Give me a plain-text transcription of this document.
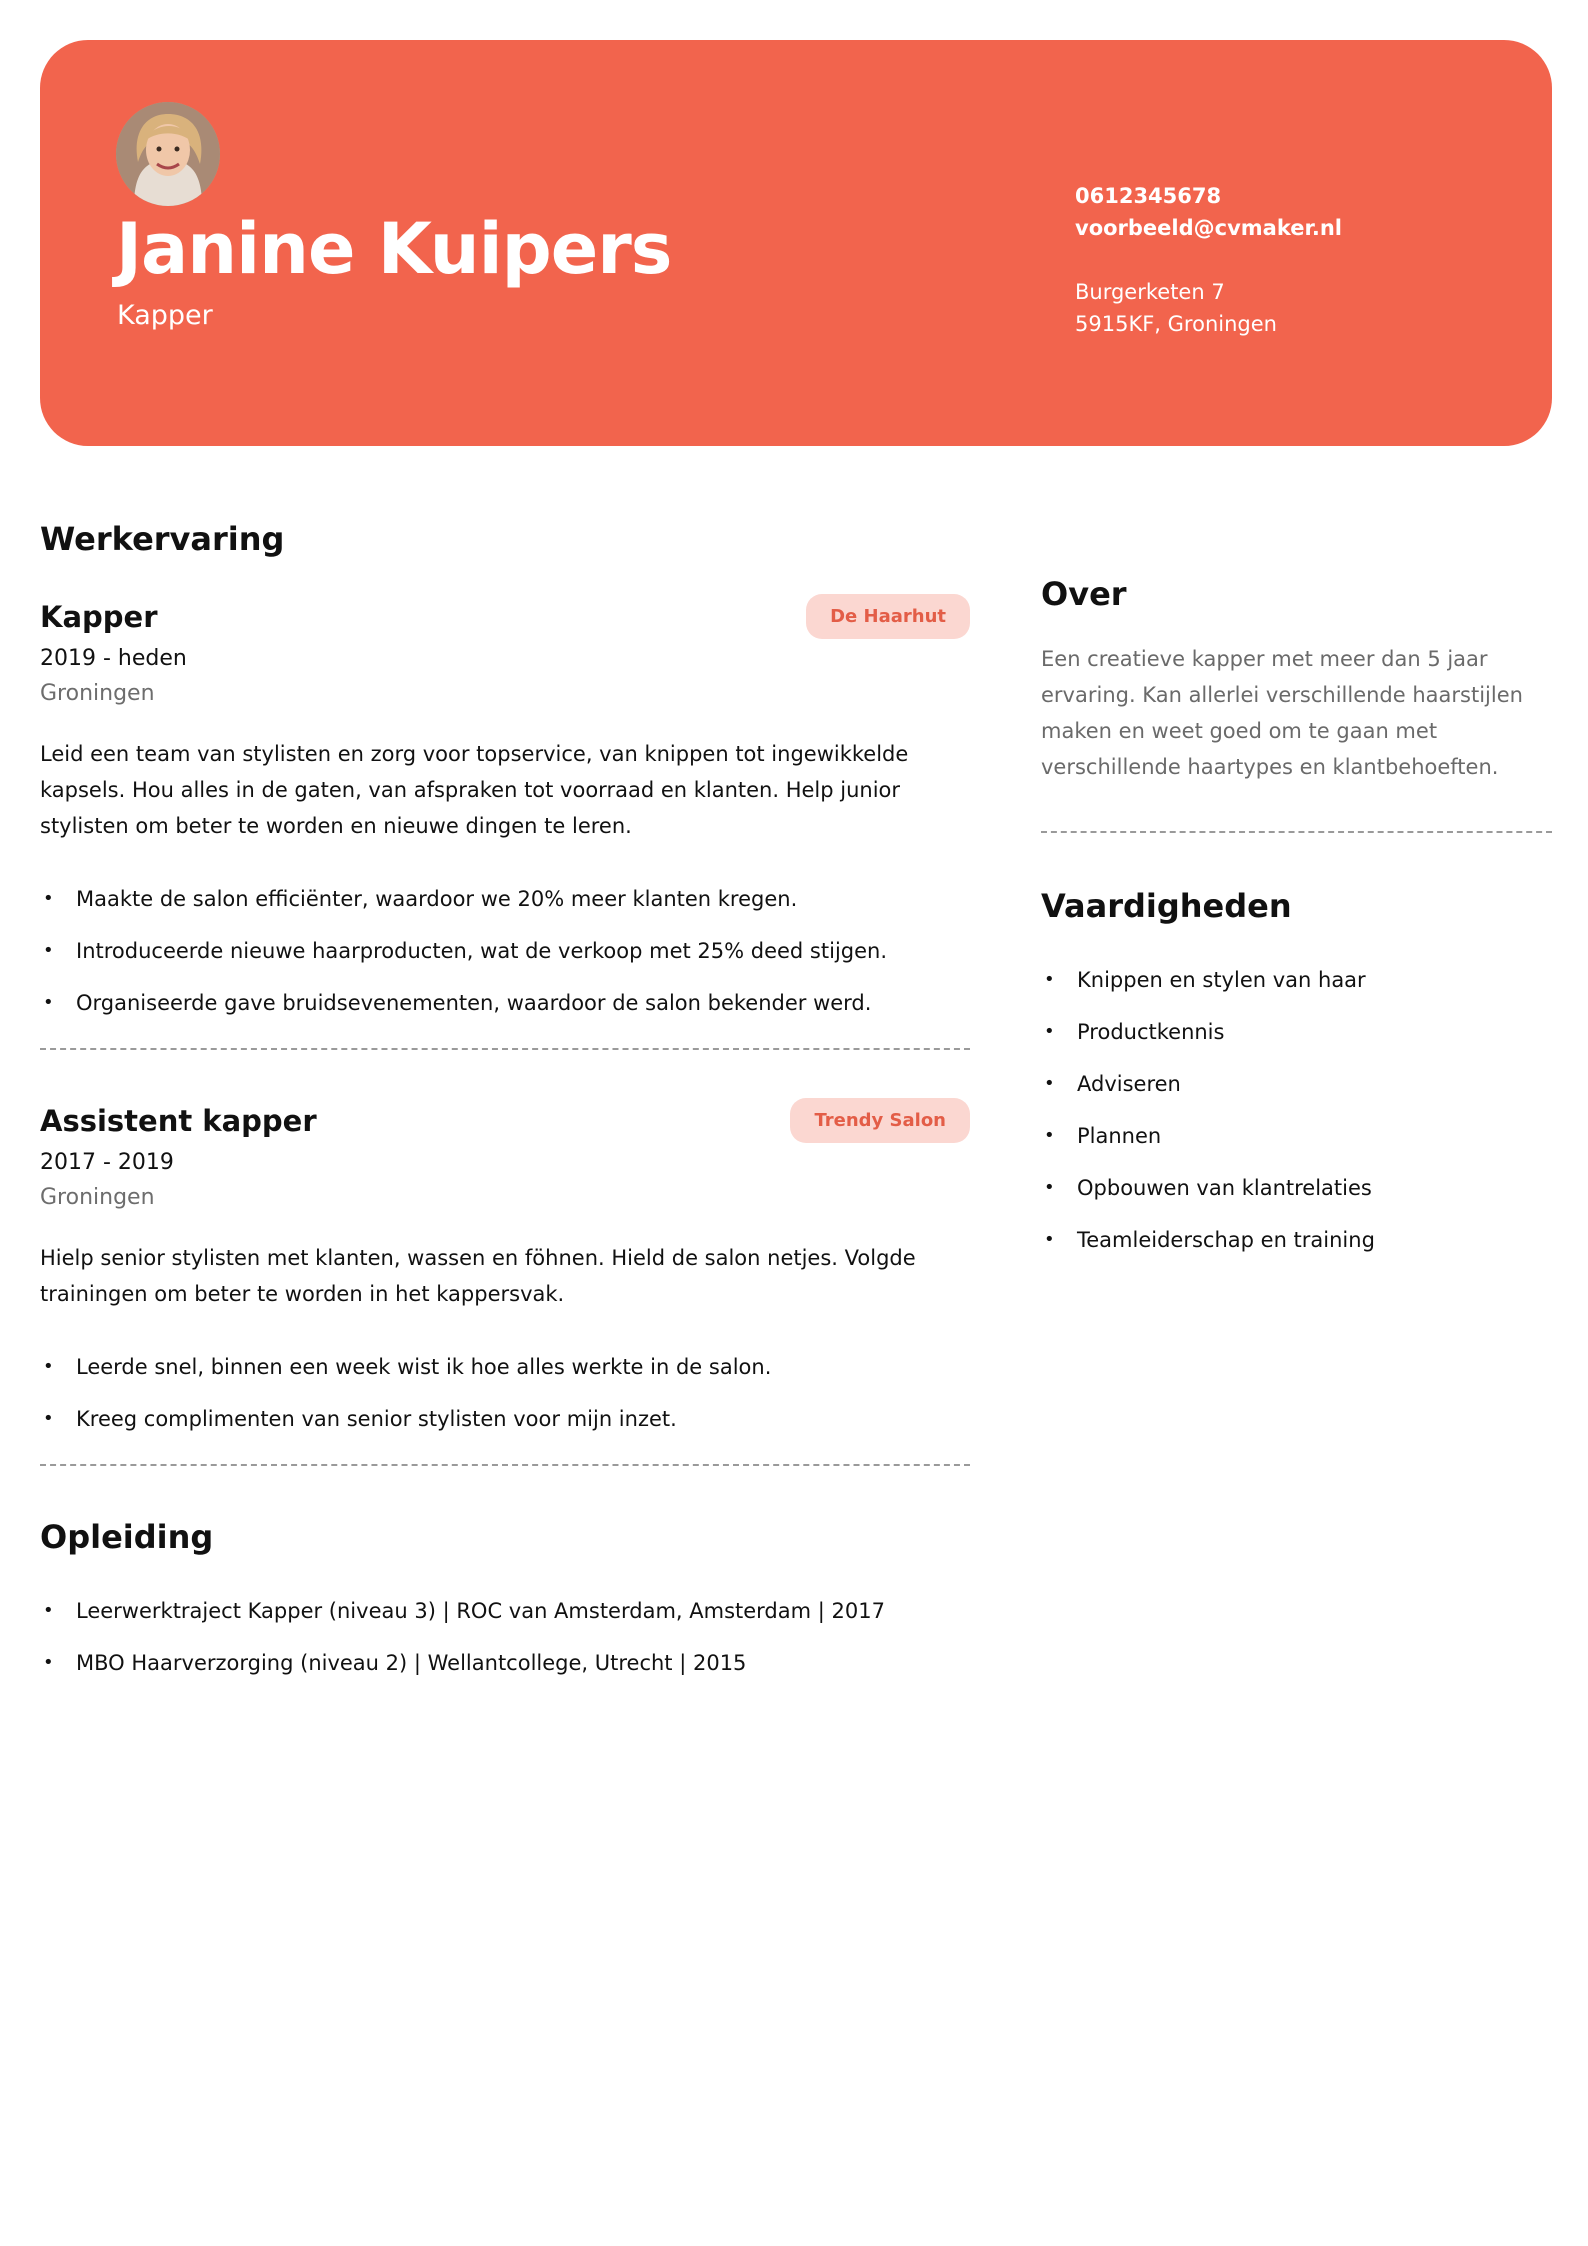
Janine Kuipers
Kapper
0612345678
voorbeeld@cvmaker.nl
Burgerketen 7
5915KF, Groningen
Werkervaring
Kapper	De Haarhut
2019 - heden
Groningen
Leid een team van stylisten en zorg voor topservice, van knippen tot ingewikkelde kapsels. Hou alles in de gaten, van afspraken tot voorraad en klanten. Help junior stylisten om beter te worden en nieuwe dingen te leren.
• Maakte de salon efficiënter, waardoor we 20% meer klanten kregen.
• Introduceerde nieuwe haarproducten, wat de verkoop met 25% deed stijgen.
• Organiseerde gave bruidsevenementen, waardoor de salon bekender werd.
Assistent kapper	Trendy Salon
2017 - 2019
Groningen
Hielp senior stylisten met klanten, wassen en föhnen. Hield de salon netjes. Volgde trainingen om beter te worden in het kappersvak.
• Leerde snel, binnen een week wist ik hoe alles werkte in de salon.
• Kreeg complimenten van senior stylisten voor mijn inzet.
Opleiding
• Leerwerktraject Kapper (niveau 3) | ROC van Amsterdam, Amsterdam | 2017
• MBO Haarverzorging (niveau 2) | Wellantcollege, Utrecht | 2015
Over
Een creatieve kapper met meer dan 5 jaar ervaring. Kan allerlei verschillende haarstijlen maken en weet goed om te gaan met verschillende haartypes en klantbehoeften.
Vaardigheden
• Knippen en stylen van haar
• Productkennis
• Adviseren
• Plannen
• Opbouwen van klantrelaties
• Teamleiderschap en training
